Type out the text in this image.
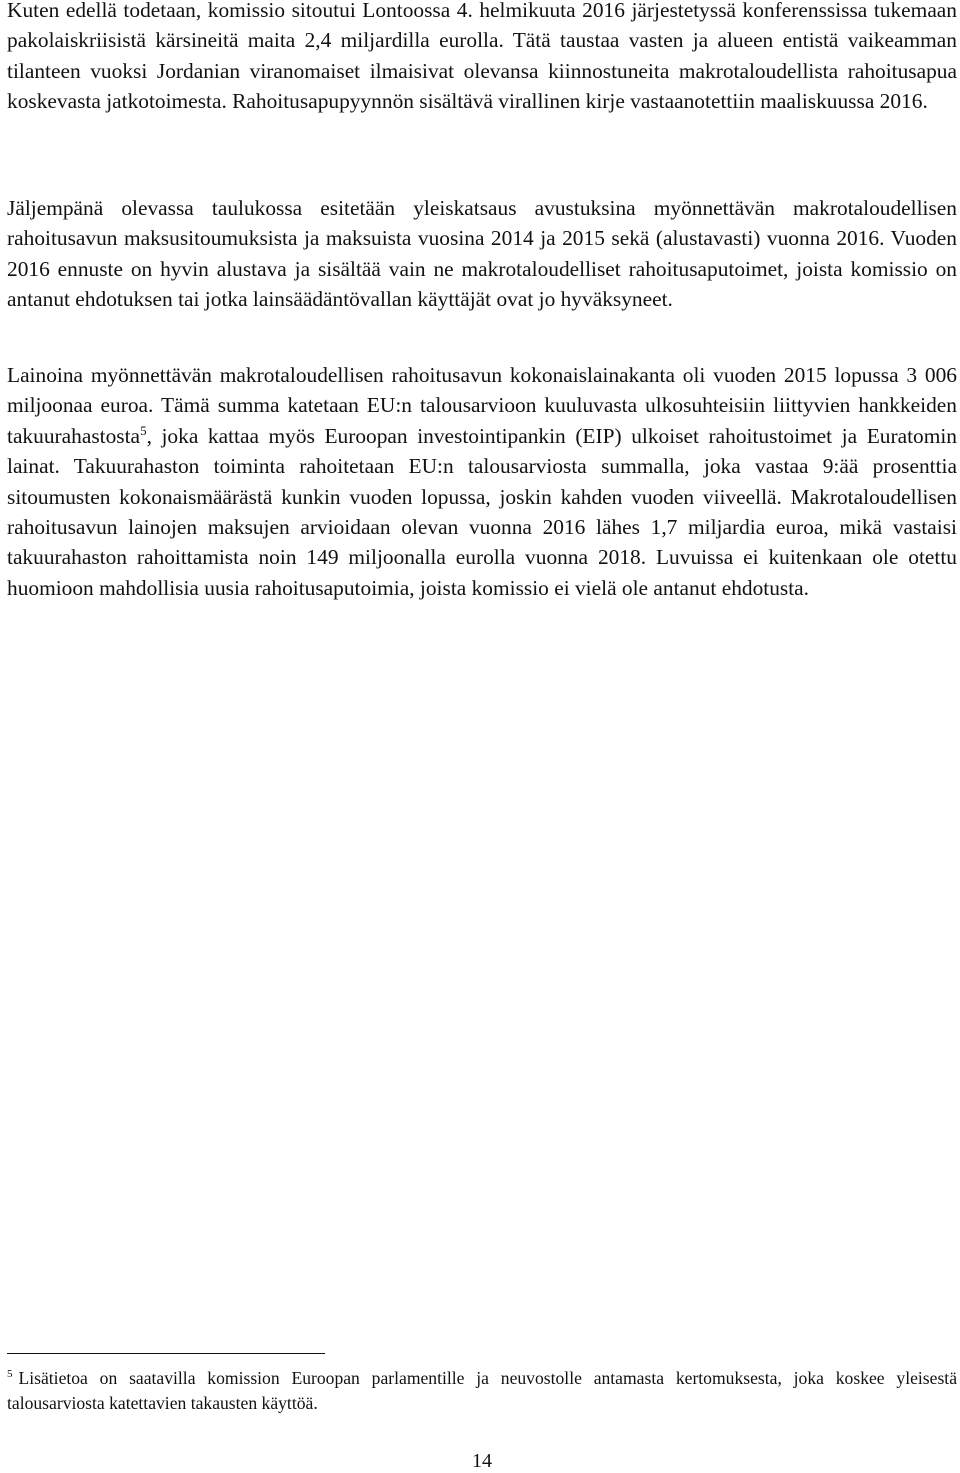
Kuten edellä todetaan, komissio sitoutui Lontoossa 4. helmikuuta 2016 järjestetyssä konferenssissa tukemaan pakolaiskriisistä kärsineitä maita 2,4 miljardilla eurolla. Tätä taustaa vasten ja alueen entistä vaikeamman tilanteen vuoksi Jordanian viranomaiset ilmaisivat olevansa kiinnostuneita makrotaloudellista rahoitusapua koskevasta jatkotoimesta. Rahoitusapupyynnön sisältävä virallinen kirje vastaanotettiin maaliskuussa 2016.

Jäljempänä olevassa taulukossa esitetään yleiskatsaus avustuksina myönnettävän makrotaloudellisen rahoitusavun maksusitoumuksista ja maksuista vuosina 2014 ja 2015 sekä (alustavasti) vuonna 2016. Vuoden 2016 ennuste on hyvin alustava ja sisältää vain ne makrotaloudelliset rahoitusaputoimet, joista komissio on antanut ehdotuksen tai jotka lainsäädäntövallan käyttäjät ovat jo hyväksyneet.

Lainoina myönnettävän makrotaloudellisen rahoitusavun kokonaislainakanta oli vuoden 2015 lopussa 3 006 miljoonaa euroa. Tämä summa katetaan EU:n talousarvioon kuuluvasta ulkosuhteisiin liittyvien hankkeiden takuurahastosta$^5$, joka kattaa myös Euroopan investointipankin (EIP) ulkoiset rahoitustoimet ja Euratomin lainat. Takuurahaston toiminta rahoitetaan EU:n talousarviosta summalla, joka vastaa 9:ää prosenttia sitoumusten kokonaismäärästä kunkin vuoden lopussa, joskin kahden vuoden viiveellä. Makrotaloudellisen rahoitusavun lainojen maksujen arvioidaan olevan vuonna 2016 lähes 1,7 miljardia euroa, mikä vastaisi takuurahaston rahoittamista noin 149 miljoonalla eurolla vuonna 2018. Luvuissa ei kuitenkaan ole otettu huomioon mahdollisia uusia rahoitusaputoimia, joista komissio ei vielä ole antanut ehdotusta.

$^5$ Lisätietoa on saatavilla komission Euroopan parlamentille ja neuvostolle antamasta kertomuksesta, joka koskee yleisestä talousarviosta katettavien takausten käyttöä.

14
